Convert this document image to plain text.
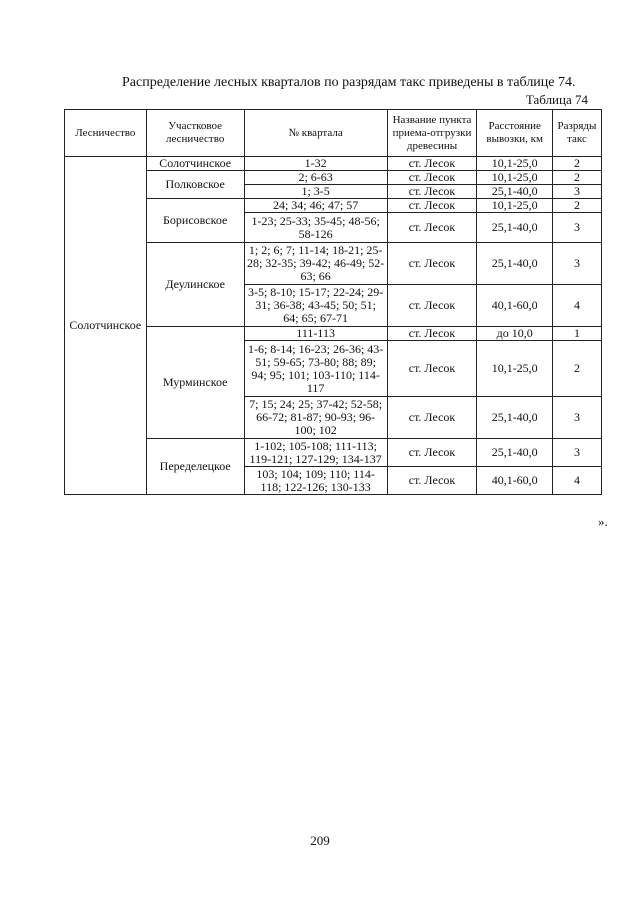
Распределение лесных кварталов по разрядам такс приведены в таблице 74.

Таблица 74
Лесничество	Участковое лесничество	№ квартала	Название пункта приема-отгрузки древесины	Расстояние вывозки, км	Разряды такс
Солотчинское	Солотчинское	1-32	ст. Лесок	10,1-25,0	2
	Полковское	2; 6-63	ст. Лесок	10,1-25,0	2
		1; 3-5	ст. Лесок	25,1-40,0	3
	Борисовское	24; 34; 46; 47; 57	ст. Лесок	10,1-25,0	2
		1-23; 25-33; 35-45; 48-56; 58-126	ст. Лесок	25,1-40,0	3
	Деулинское	1; 2; 6; 7; 11-14; 18-21; 25-28; 32-35; 39-42; 46-49; 52-63; 66	ст. Лесок	25,1-40,0	3
		3-5; 8-10; 15-17; 22-24; 29-31; 36-38; 43-45; 50; 51; 64; 65; 67-71	ст. Лесок	40,1-60,0	4
	Мурминское	111-113	ст. Лесок	до 10,0	1
		1-6; 8-14; 16-23; 26-36; 43-51; 59-65; 73-80; 88; 89; 94; 95; 101; 103-110; 114-117	ст. Лесок	10,1-25,0	2
		7; 15; 24; 25; 37-42; 52-58; 66-72; 81-87; 90-93; 96-100; 102	ст. Лесок	25,1-40,0	3
	Переделецкое	1-102; 105-108; 111-113; 119-121; 127-129; 134-137	ст. Лесок	25,1-40,0	3
		103; 104; 109; 110; 114-118; 122-126; 130-133	ст. Лесок	40,1-60,0	4
».
209
